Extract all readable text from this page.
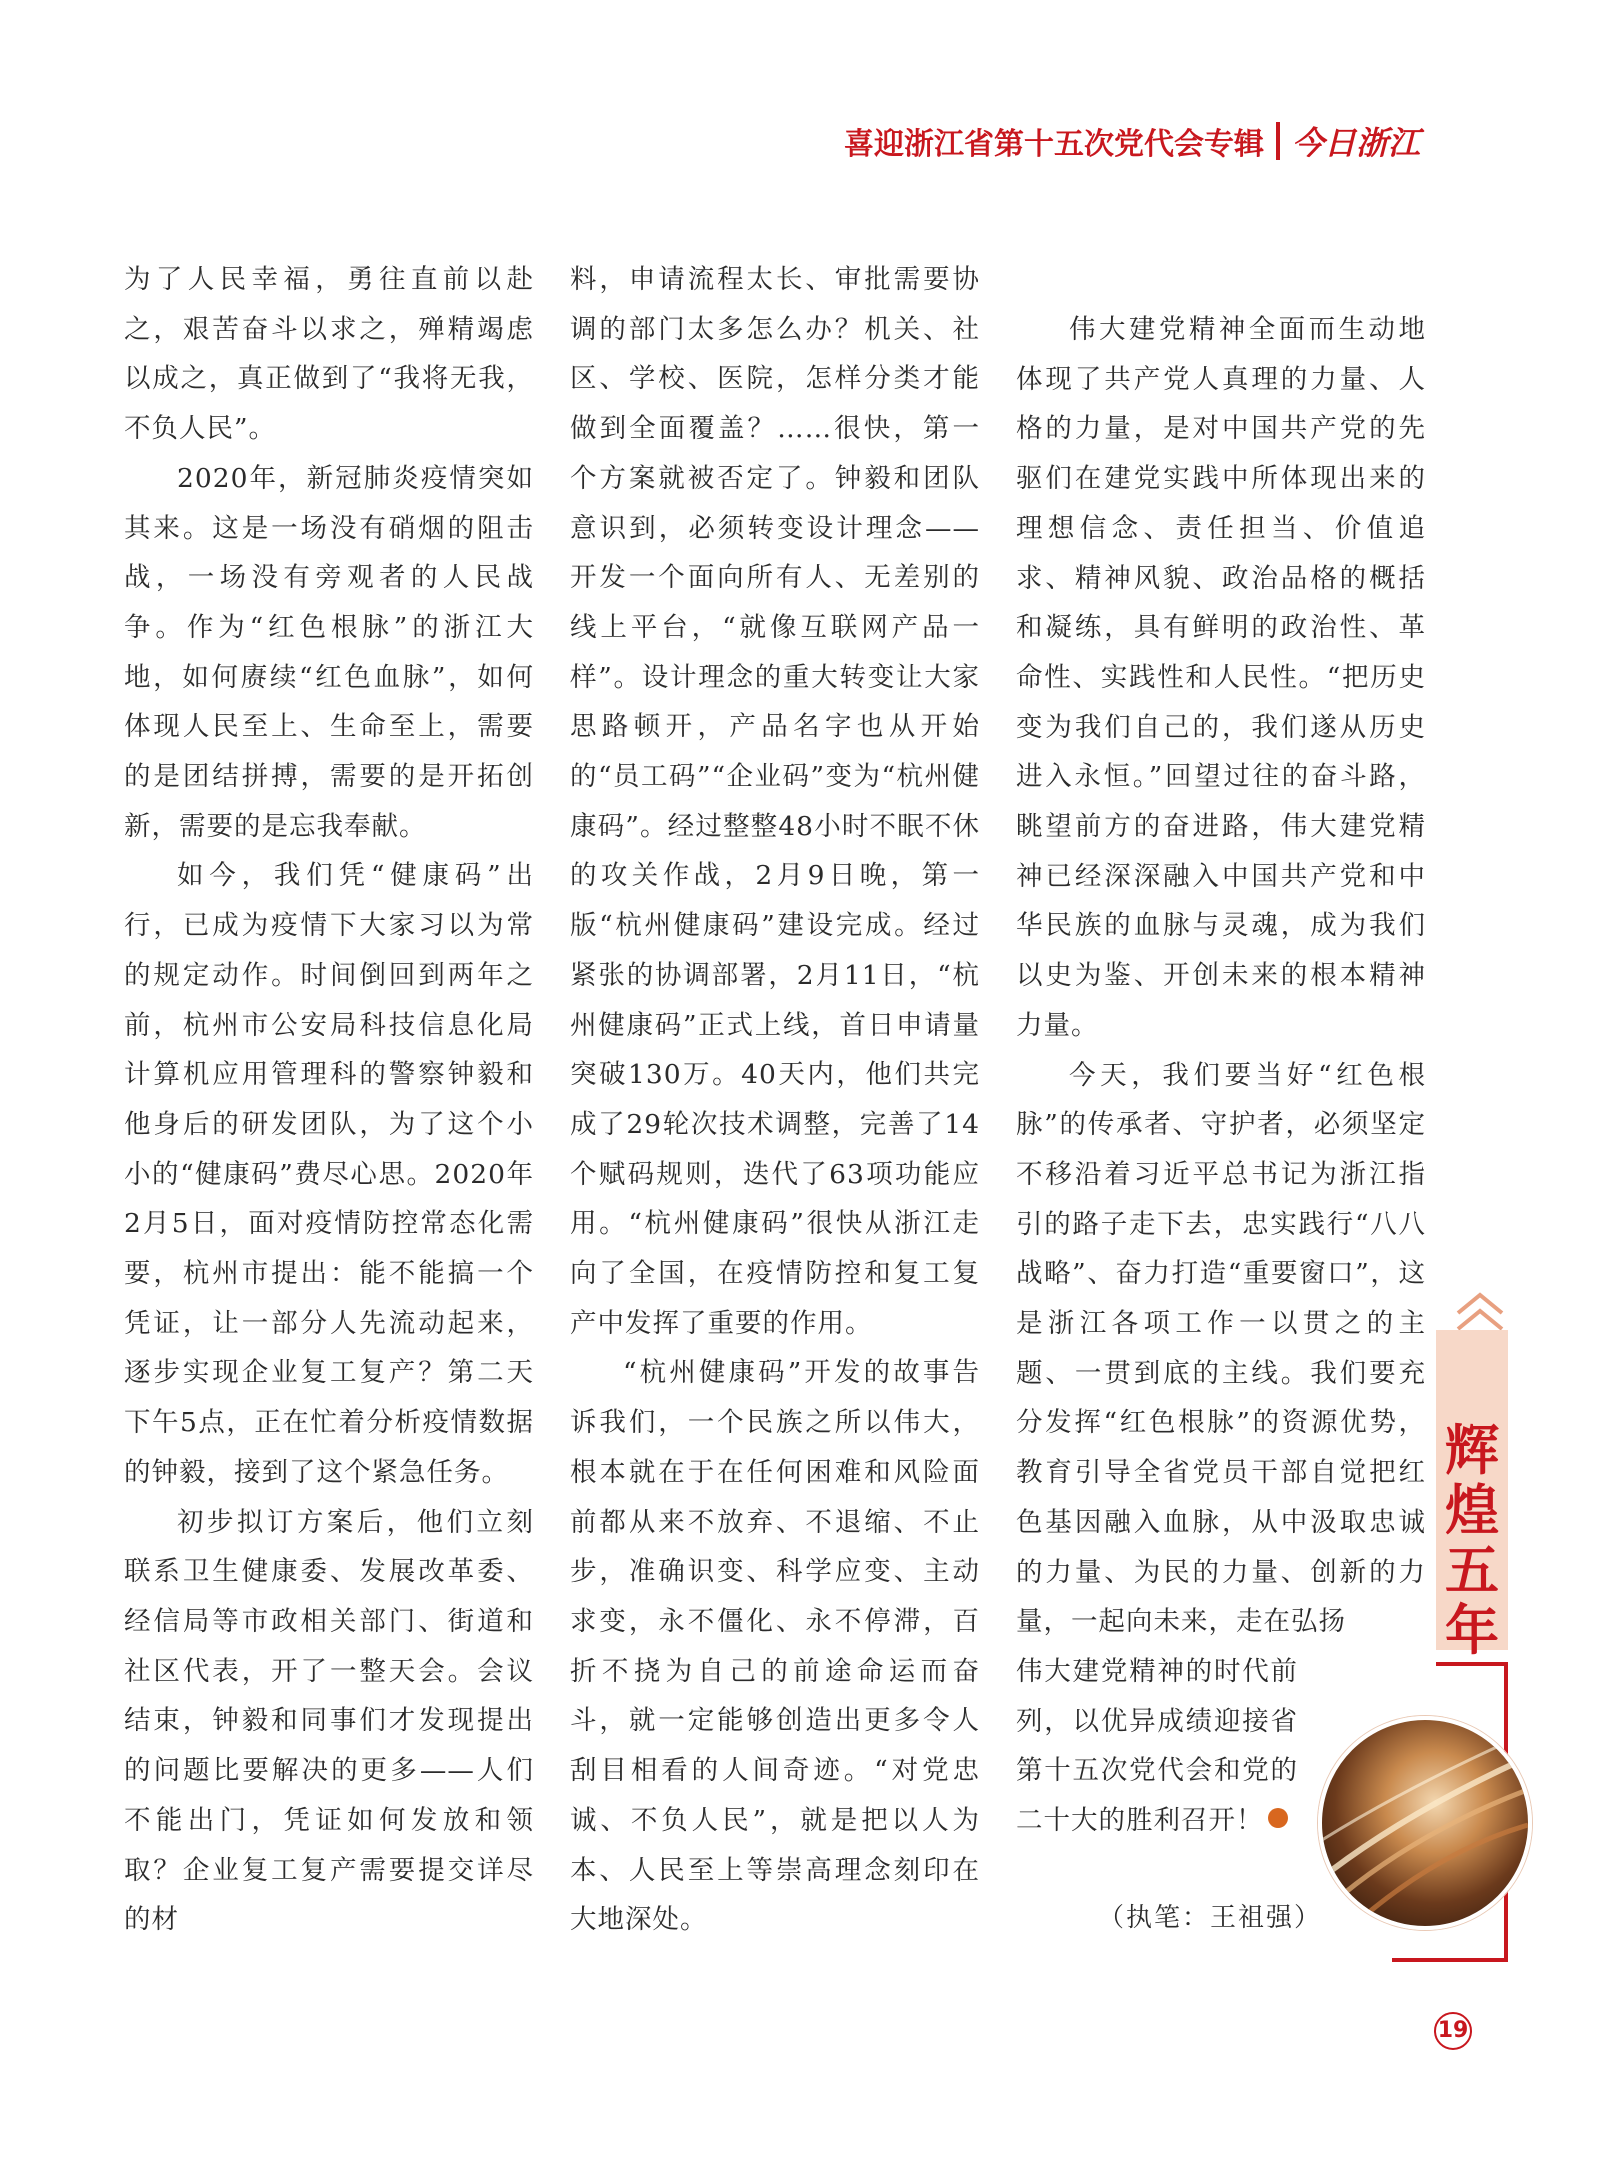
喜迎浙江省第十五次党代会专辑 今日浙江

为了人民幸福，勇往直前以赴之，艰苦奋斗以求之，殚精竭虑以成之，真正做到了“我将无我，不负人民”。

2020年，新冠肺炎疫情突如其来。这是一场没有硝烟的阻击战，一场没有旁观者的人民战争。作为“红色根脉”的浙江大地，如何赓续“红色血脉”，如何体现人民至上、生命至上，需要的是团结拼搏，需要的是开拓创新，需要的是忘我奉献。

如今，我们凭“健康码”出行，已成为疫情下大家习以为常的规定动作。时间倒回到两年之前，杭州市公安局科技信息化局计算机应用管理科的警察钟毅和他身后的研发团队，为了这个小小的“健康码”费尽心思。2020年2月5日，面对疫情防控常态化需要，杭州市提出：能不能搞一个凭证，让一部分人先流动起来，逐步实现企业复工复产？第二天下午5点，正在忙着分析疫情数据的钟毅，接到了这个紧急任务。

初步拟订方案后，他们立刻联系卫生健康委、发展改革委、经信局等市政相关部门、街道和社区代表，开了一整天会。会议结束，钟毅和同事们才发现提出的问题比要解决的更多——人们不能出门，凭证如何发放和领取？企业复工复产需要提交详尽的材

料，申请流程太长、审批需要协调的部门太多怎么办？机关、社区、学校、医院，怎样分类才能做到全面覆盖？……很快，第一个方案就被否定了。钟毅和团队意识到，必须转变设计理念——开发一个面向所有人、无差别的线上平台，“就像互联网产品一样”。设计理念的重大转变让大家思路顿开，产品名字也从开始的“员工码”“企业码”变为“杭州健康码”。经过整整48小时不眠不休的攻关作战，2月9日晚，第一版“杭州健康码”建设完成。经过紧张的协调部署，2月11日，“杭州健康码”正式上线，首日申请量突破130万。40天内，他们共完成了29轮次技术调整，完善了14个赋码规则，迭代了63项功能应用。“杭州健康码”很快从浙江走向了全国，在疫情防控和复工复产中发挥了重要的作用。

“杭州健康码”开发的故事告诉我们，一个民族之所以伟大，根本就在于在任何困难和风险面前都从来不放弃、不退缩、不止步，准确识变、科学应变、主动求变，永不僵化、永不停滞，百折不挠为自己的前途命运而奋斗，就一定能够创造出更多令人刮目相看的人间奇迹。“对党忠诚、不负人民”，就是把以人为本、人民至上等崇高理念刻印在大地深处。

伟大建党精神全面而生动地体现了共产党人真理的力量、人格的力量，是对中国共产党的先驱们在建党实践中所体现出来的理想信念、责任担当、价值追求、精神风貌、政治品格的概括和凝练，具有鲜明的政治性、革命性、实践性和人民性。“把历史变为我们自己的，我们遂从历史进入永恒。”回望过往的奋斗路，眺望前方的奋进路，伟大建党精神已经深深融入中国共产党和中华民族的血脉与灵魂，成为我们以史为鉴、开创未来的根本精神力量。

今天，我们要当好“红色根脉”的传承者、守护者，必须坚定不移沿着习近平总书记为浙江指引的路子走下去，忠实践行“八八战略”、奋力打造“重要窗口”，这是浙江各项工作一以贯之的主题、一贯到底的主线。我们要充分发挥“红色根脉”的资源优势，教育引导全省党员干部自觉把红色基因融入血脉，从中汲取忠诚的力量、为民的力量、创新的力量，一起向未来，走在弘扬

伟大建党精神的时代前列，以优异成绩迎接省第十五次党代会和党的二十大的胜利召开！

（执笔：王祖强）
辉煌五年
19
